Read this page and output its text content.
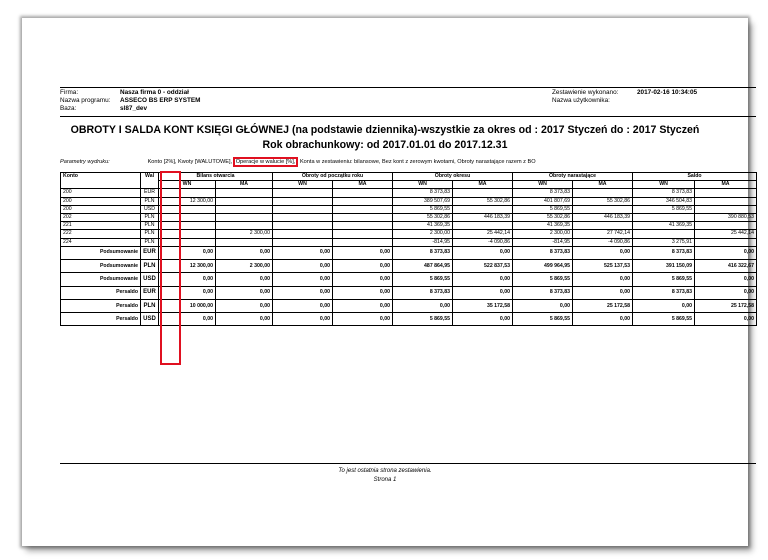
Firma:	Nasza firma 0 - oddział
Nazwa programu: ASSECO BS ERP SYSTEM
Baza:	sl87_dev
Zestawienie wykonano:	2017-02-16 10:34:05
Nazwa użytkownika:
OBROTY I SALDA KONT KSIĘGI GŁÓWNEJ (na podstawie dziennika)-wszystkie za okres od : 2017 Styczeń do : 2017 Styczeń
Rok obrachunkowy: od 2017.01.01 do 2017.12.31
Parametry wydruku:	Konto [2%], Kwoty [WALUTOWE], Operacje w walucie [%], Konta w zestawieniu: bilansowe, Bez kont z zerowym kwotami, Obroty narastające razem z BO
Konto	Wal	Bilans otwarcia		Obroty od początku roku		Obroty okresu		Obroty narastające		Saldo	
		WN	MA	WN	MA	WN	MA	WN	MA	WN	MA
200	EUR					8 373,83		8 373,83		8 373,83	
200	PLN	12 300,00				389 507,69	55 302,86	401 807,69	55 302,86	346 504,83	
200	USD					5 869,55		5 869,55		5 869,55	
202	PLN					55 302,86	446 183,39	55 302,86	446 183,39		390 880,53
221	PLN					41 369,35		41 369,35		41 369,35	
222	PLN		2 300,00			2 300,00	25 442,14	2 300,00	27 742,14		25 442,14
224	PLN					-814,95	-4 090,86	-814,95	-4 090,86	3 275,91	
Podsumowanie	EUR	0,00	0,00	0,00	0,00	8 373,83	0,00	8 373,83	0,00	8 373,83	0,00
Podsumowanie	PLN	12 300,00	2 300,00	0,00	0,00	487 864,95	522 837,53	499 964,95	525 137,53	391 150,09	416 322,67
Podsumowanie	USD	0,00	0,00	0,00	0,00	5 869,55	0,00	5 869,55	0,00	5 869,55	0,00
Persaldo	EUR	0,00	0,00	0,00	0,00	8 373,83	0,00	8 373,83	0,00	8 373,83	0,00
Persaldo	PLN	10 000,00	0,00	0,00	0,00	0,00	35 172,58	0,00	25 172,58	0,00	25 172,58
Persaldo	USD	0,00	0,00	0,00	0,00	5 869,55	0,00	5 869,55	0,00	5 869,55	0,00
To jest ostatnia strona zestawienia.
Strona 1
